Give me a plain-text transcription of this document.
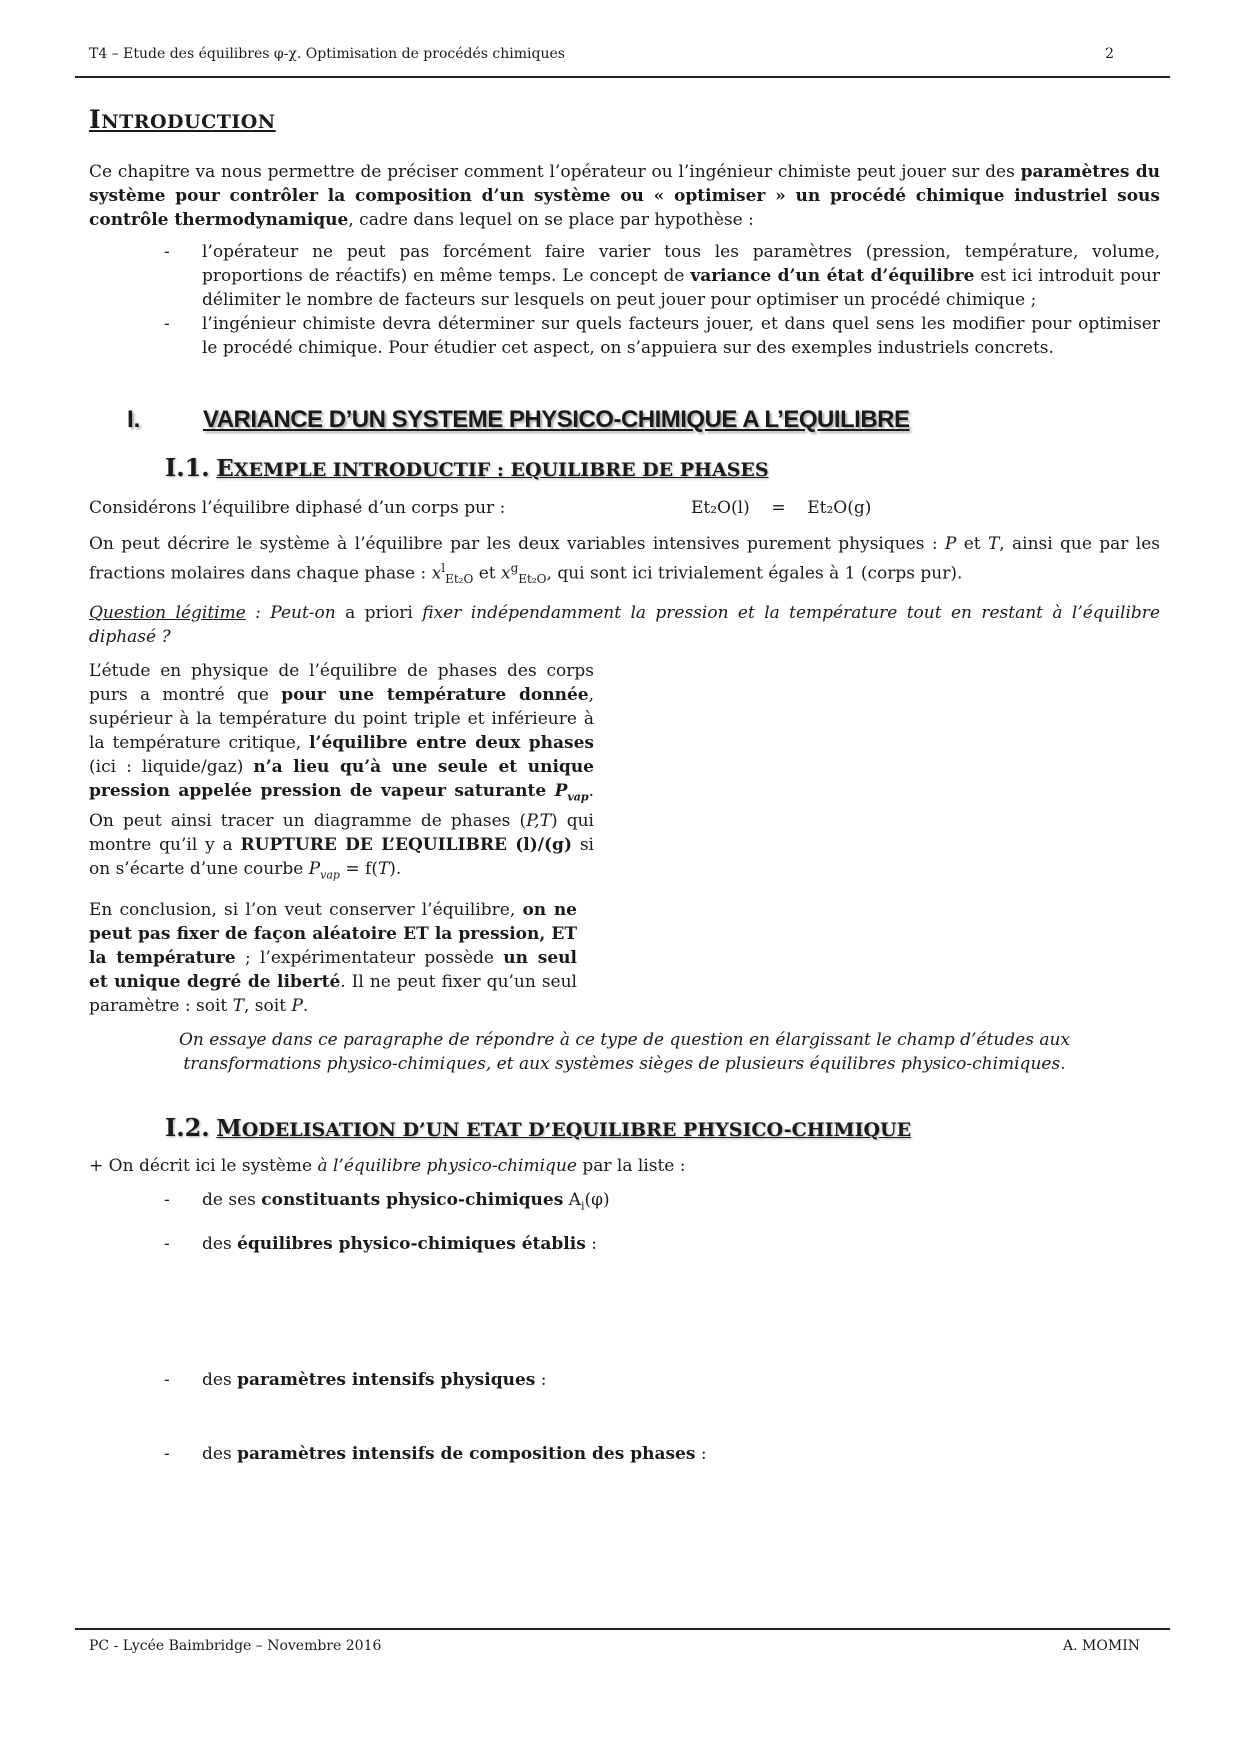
T4 – Etude des équilibres φ-χ. Optimisation de procédés chimiques	2
INTRODUCTION

Ce chapitre va nous permettre de préciser comment l’opérateur ou l’ingénieur chimiste peut jouer sur des paramètres du système pour contrôler la composition d’un système ou « optimiser » un procédé chimique industriel sous contrôle thermodynamique, cadre dans lequel on se place par hypothèse :

- l’opérateur ne peut pas forcément faire varier tous les paramètres (pression, température, volume, proportions de réactifs) en même temps. Le concept de variance d’un état d’équilibre est ici introduit pour délimiter le nombre de facteurs sur lesquels on peut jouer pour optimiser un procédé chimique ;
- l’ingénieur chimiste devra déterminer sur quels facteurs jouer, et dans quel sens les modifier pour optimiser le procédé chimique. Pour étudier cet aspect, on s’appuiera sur des exemples industriels concrets.
I.	VARIANCE D’UN SYSTEME PHYSICO-CHIMIQUE A L’EQUILIBRE
I.1. EXEMPLE INTRODUCTIF : EQUILIBRE DE PHASES
Considérons l’équilibre diphasé d’un corps pur :	Et₂O(l) = Et₂O(g)

On peut décrire le système à l’équilibre par les deux variables intensives purement physiques : P et T, ainsi que par les fractions molaires dans chaque phase : $x^l_{Et_2O}$ et $x^g_{Et_2O}$, qui sont ici trivialement égales à 1 (corps pur).

Question légitime : Peut-on a priori fixer indépendamment la pression et la température tout en restant à l’équilibre diphasé ?

L’étude en physique de l’équilibre de phases des corps purs a montré que pour une température donnée, supérieur à la température du point triple et inférieure à la température critique, l’équilibre entre deux phases (ici : liquide/gaz) n’a lieu qu’à une seule et unique pression appelée pression de vapeur saturante $P_{vap}$. On peut ainsi tracer un diagramme de phases (P,T) qui montre qu’il y a RUPTURE DE L’EQUILIBRE (l)/(g) si on s’écarte d’une courbe $P_{vap} = f(T)$.

En conclusion, si l’on veut conserver l’équilibre, on ne peut pas fixer de façon aléatoire ET la pression, ET la température ; l’expérimentateur possède un seul et unique degré de liberté. Il ne peut fixer qu’un seul paramètre : soit T, soit P.

On essaye dans ce paragraphe de répondre à ce type de question en élargissant le champ d’études aux transformations physico-chimiques, et aux systèmes sièges de plusieurs équilibres physico-chimiques.

I.2. MODELISATION D’UN ETAT D’EQUILIBRE PHYSICO-CHIMIQUE

+ On décrit ici le système à l’équilibre physico-chimique par la liste :

- de ses constituants physico-chimiques $A_i(\varphi)$
- des équilibres physico-chimiques établis :
- des paramètres intensifs physiques :
- des paramètres intensifs de composition des phases :
PC - Lycée Baimbridge – Novembre 2016	A. MOMIN
